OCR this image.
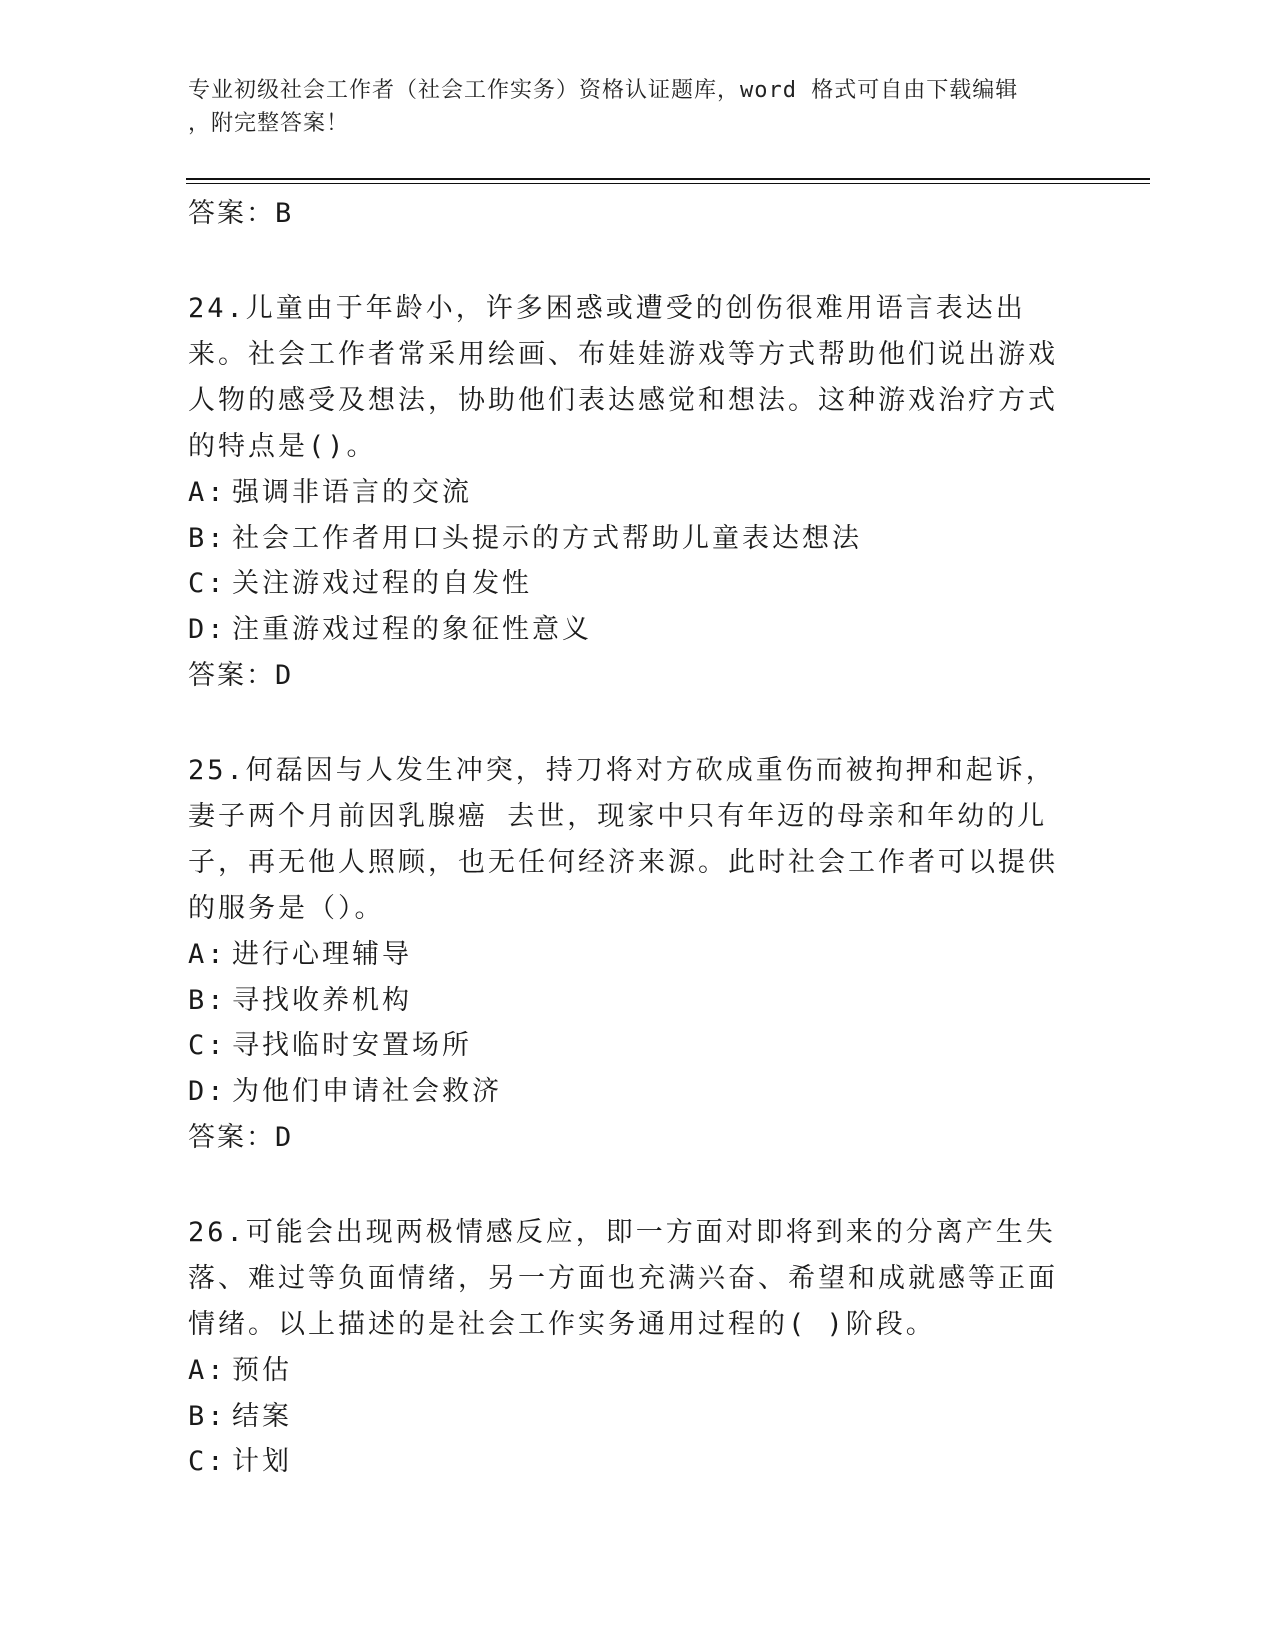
专业初级社会工作者（社会工作实务）资格认证题库，word 格式可自由下载编辑
，附完整答案！

答案：B

24.儿童由于年龄小，许多困惑或遭受的创伤很难用语言表达出来。社会工作者常采用绘画、布娃娃游戏等方式帮助他们说出游戏人物的感受及想法，协助他们表达感觉和想法。这种游戏治疗方式的特点是()。

A: 强调非语言的交流

B: 社会工作者用口头提示的方式帮助儿童表达想法

C: 关注游戏过程的自发性

D: 注重游戏过程的象征性意义

答案：D

25.何磊因与人发生冲突，持刀将对方砍成重伤而被拘押和起诉，妻子两个月前因乳腺癌 去世，现家中只有年迈的母亲和年幼的儿子，再无他人照顾，也无任何经济来源。此时社会工作者可以提供的服务是（）。

A: 进行心理辅导

B: 寻找收养机构

C: 寻找临时安置场所

D: 为他们申请社会救济

答案：D

26.可能会出现两极情感反应，即一方面对即将到来的分离产生失落、难过等负面情绪，另一方面也充满兴奋、希望和成就感等正面情绪。以上描述的是社会工作实务通用过程的( )阶段。

A: 预估

B: 结案

C: 计划
